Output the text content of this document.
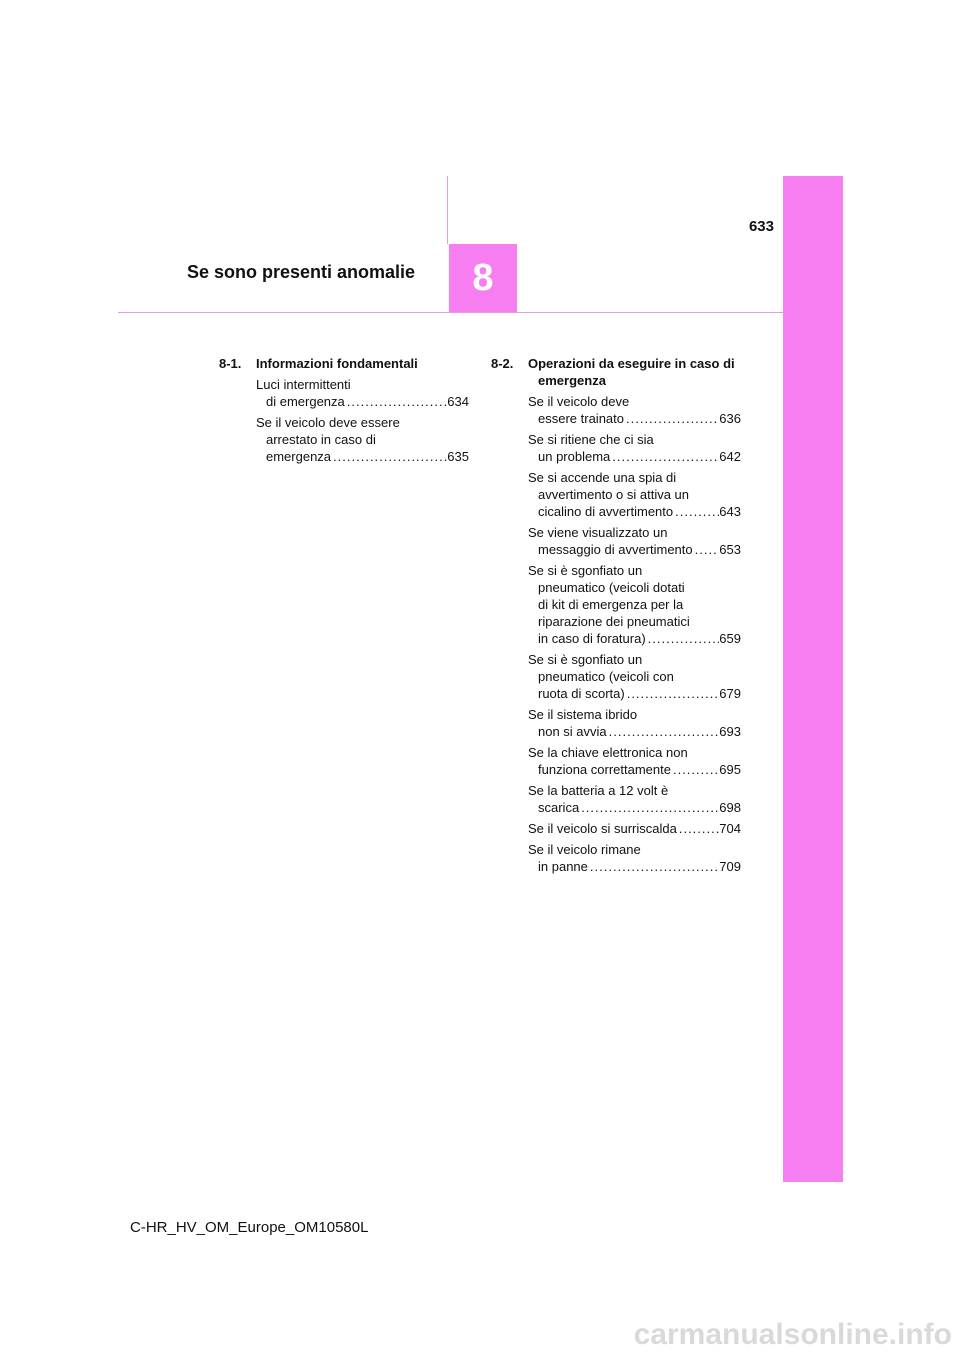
633
Se sono presenti anomalie	8
8-1.	Informazioni fondamentali
Luci intermittenti
di emergenza .....	634
Se il veicolo deve essere
arrestato in caso di
emergenza .....	635
8-2.	Operazioni da eseguire in caso di emergenza
Se il veicolo deve
essere trainato .....	636
Se si ritiene che ci sia
un problema .....	642
Se si accende una spia di
avvertimento o si attiva un
cicalino di avvertimento .....	643
Se viene visualizzato un
messaggio di avvertimento ..... 653
Se si è sgonfiato un
pneumatico (veicoli dotati
di kit di emergenza per la
riparazione dei pneumatici
in caso di foratura) .....	659
Se si è sgonfiato un
pneumatico (veicoli con
ruota di scorta) .....	679
Se il sistema ibrido
non si avvia .....	693
Se la chiave elettronica non
funziona correttamente .....	695
Se la batteria a 12 volt è
scarica .....	698
Se il veicolo si surriscalda .....	704
Se il veicolo rimane
in panne .....	709
C-HR_HV_OM_Europe_OM10580L
carmanualsonline.info
